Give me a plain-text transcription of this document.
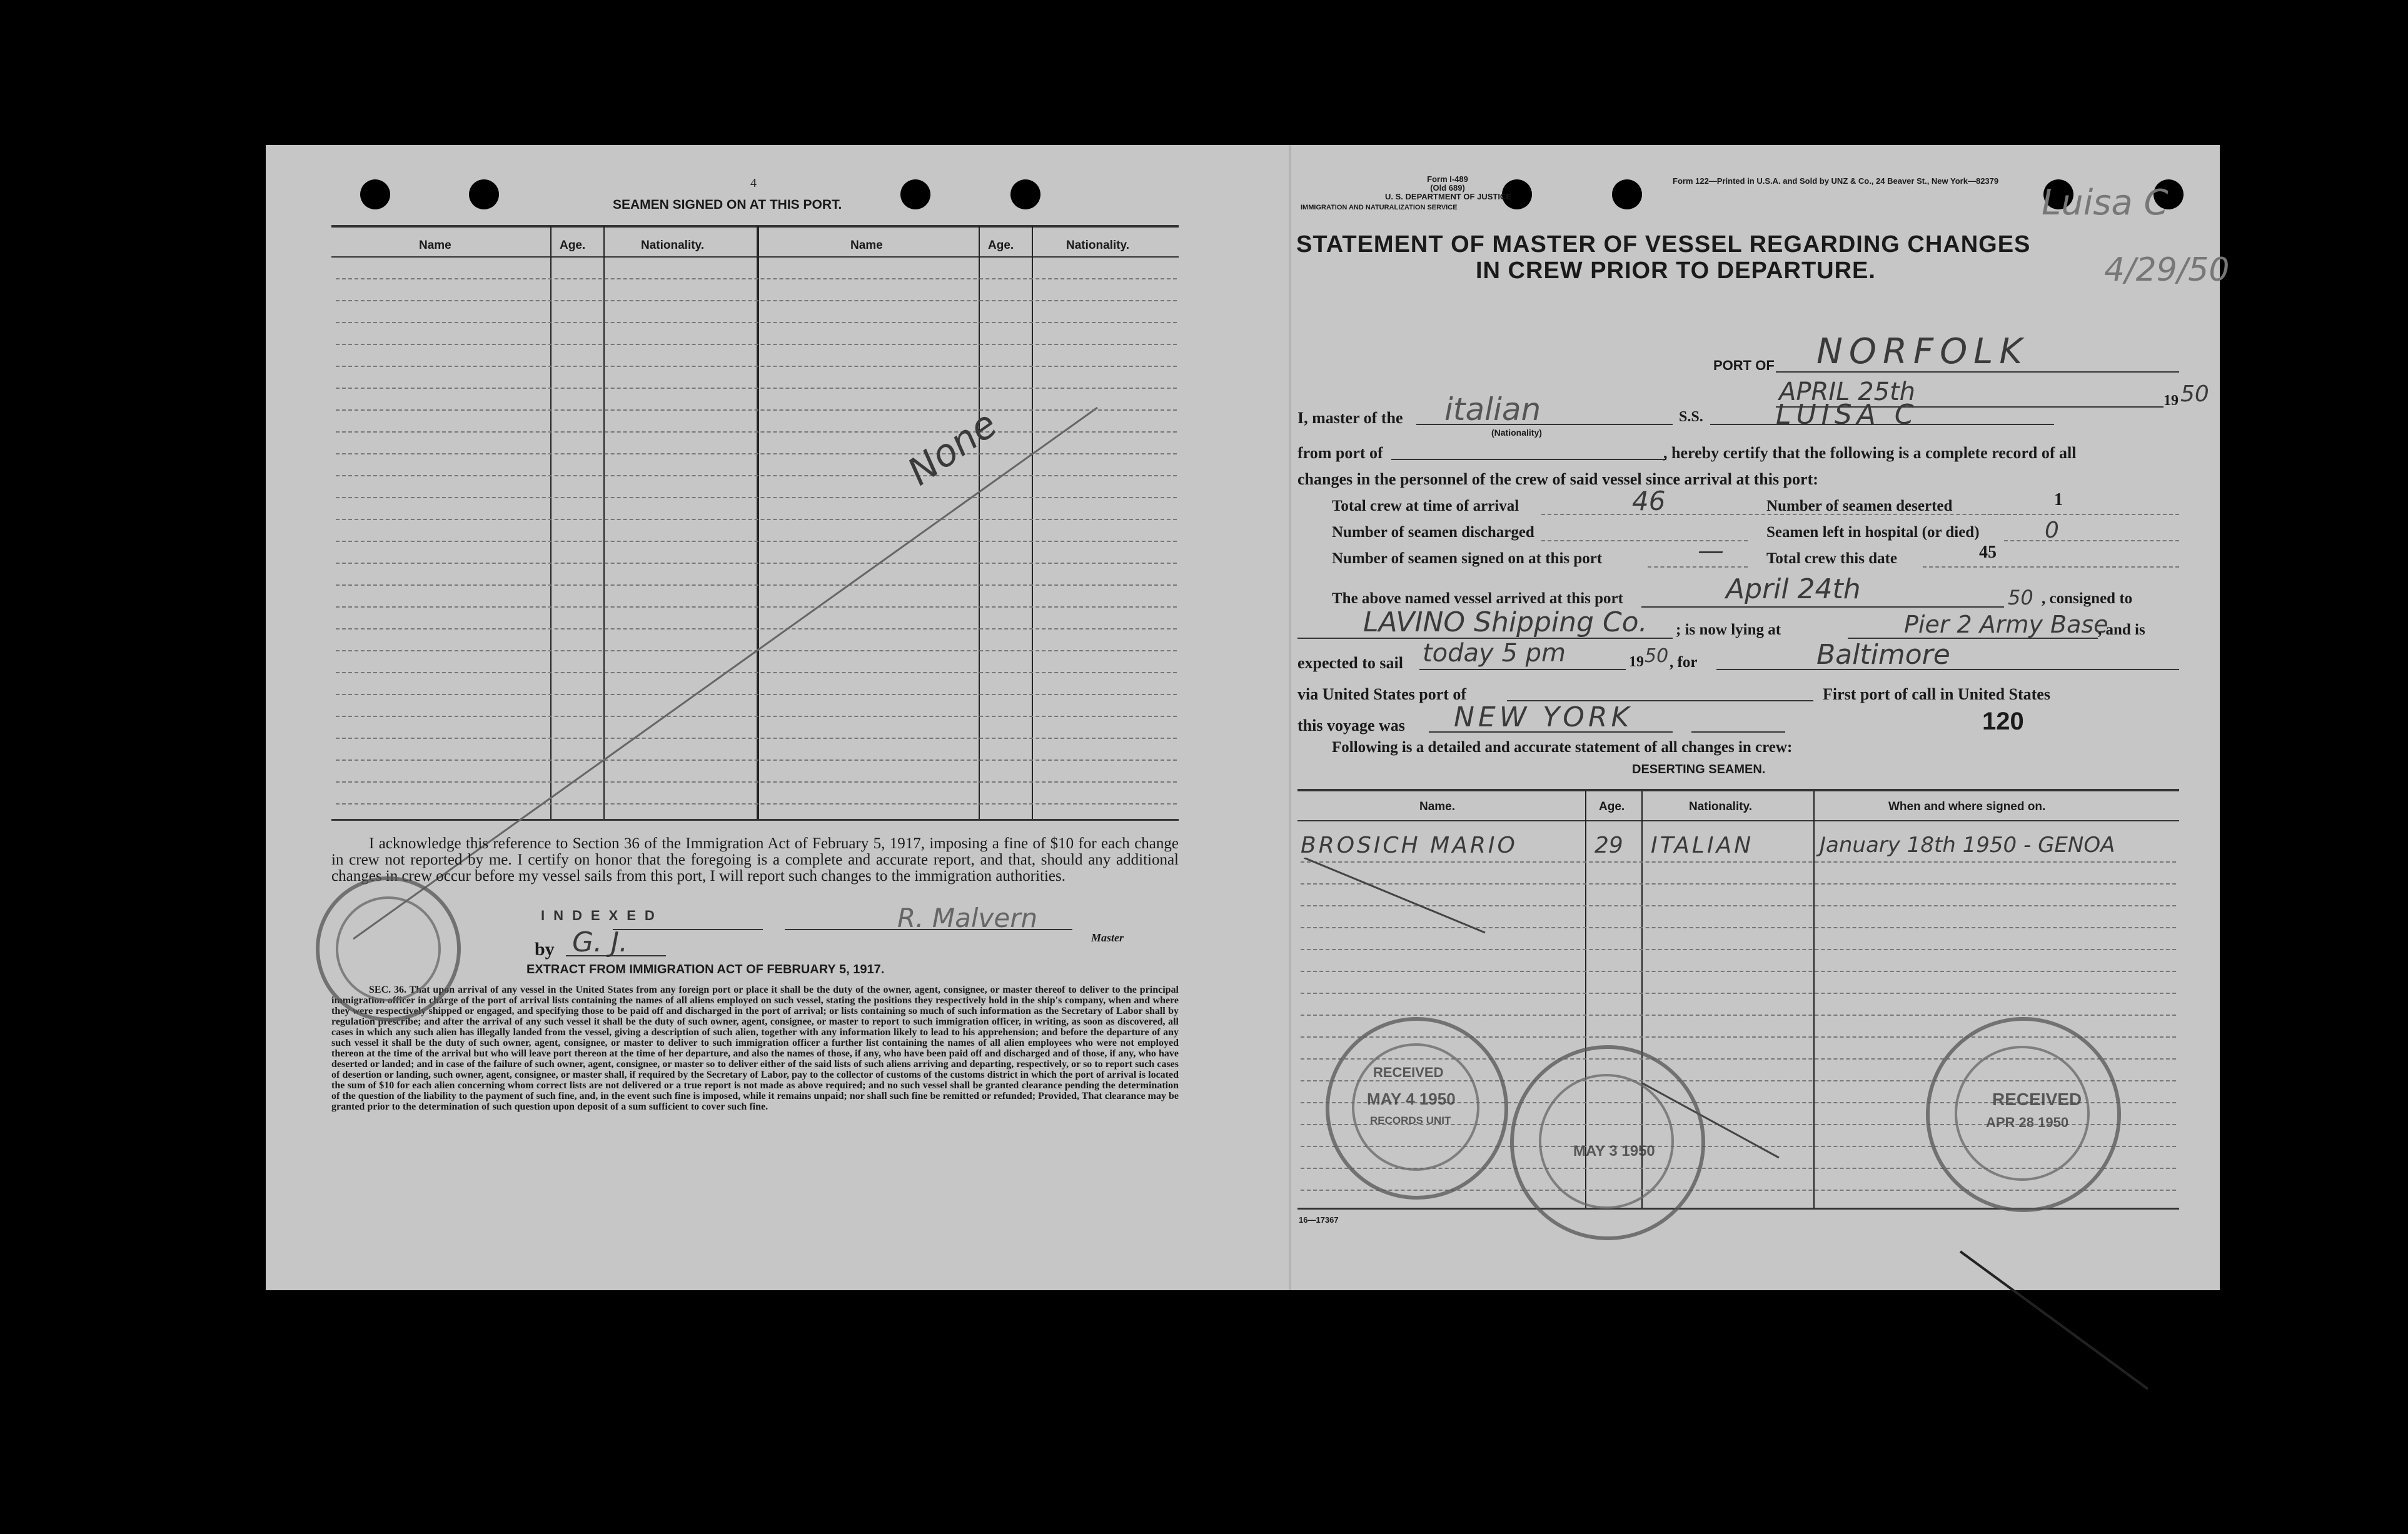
4
SEAMEN SIGNED ON AT THIS PORT.
Name	Age.	Nationality.	Name	Age.	Nationality.
None
I acknowledge this reference to Section 36 of the Immigration Act of February 5, 1917, imposing a fine of $10 for each change in crew not reported by me. I certify on honor that the foregoing is a complete and accurate report, and that, should any additional changes in crew occur before my vessel sails from this port, I will report such changes to the immigration authorities.
INDEXED
by G. J.
R. Malvern
Master
EXTRACT FROM IMMIGRATION ACT OF FEBRUARY 5, 1917.
SEC. 36. That upon arrival of any vessel in the United States from any foreign port or place it shall be the duty of the owner, agent, consignee, or master thereof to deliver to the principal immigration officer in charge of the port of arrival lists containing the names of all aliens employed on such vessel, stating the positions they respectively hold in the ship's company, when and where they were respectively shipped or engaged, and specifying those to be paid off and discharged in the port of arrival; or lists containing so much of such information as the Secretary of Labor shall by regulation prescribe; and after the arrival of any such vessel it shall be the duty of such owner, agent, consignee, or master to report to such immigration officer, in writing, as soon as discovered, all cases in which any such alien has illegally landed from the vessel, giving a description of such alien, together with any information likely to lead to his apprehension; and before the departure of any such vessel it shall be the duty of such owner, agent, consignee, or master to deliver to such immigration officer a further list containing the names of all alien employees who were not employed thereon at the time of the arrival but who will leave port thereon at the time of her departure, and also the names of those, if any, who have been paid off and discharged and of those, if any, who have deserted or landed; and in case of the failure of such owner, agent, consignee, or master so to deliver either of the said lists of such aliens arriving and departing, respectively, or so to report such cases of desertion or landing, such owner, agent, consignee, or master shall, if required by the Secretary of Labor, pay to the collector of customs of the customs district in which the port of arrival is located the sum of $10 for each alien concerning whom correct lists are not delivered or a true report is not made as above required; and no such vessel shall be granted clearance pending the determination of the question of the liability to the payment of such fine, and, in the event such fine is imposed, while it remains unpaid; nor shall such fine be remitted or refunded; Provided, That clearance may be granted prior to the determination of such question upon deposit of a sum sufficient to cover such fine.
Form I-489
(Old 689)
U. S. DEPARTMENT OF JUSTICE
IMMIGRATION AND NATURALIZATION SERVICE
Form 122—Printed in U.S.A. and Sold by UNZ & Co., 24 Beaver St., New York—82379
Luisa C
4/29/50
STATEMENT OF MASTER OF VESSEL REGARDING CHANGES
IN CREW PRIOR TO DEPARTURE.
PORT OF NORFOLK
APRIL 25th	19 50
I, master of the italian
(Nationality)
S.S.	LUISA C
from port of	, hereby certify that the following is a complete record of all
changes in the personnel of the crew of said vessel since arrival at this port:
Total crew at time of arrival	46	Number of seamen deserted	1
Number of seamen discharged	Seamen left in hospital (or died)	0
Number of seamen signed on at this port	—	Total crew this date	45
The above named vessel arrived at this port	April 24th	50 , consigned to
LAVINO Shipping Co. ; is now lying at	Pier 2 Army Base
, and is
expected to sail today 5 pm	19 50 , for	Baltimore
via United States port of	First port of call in United States
this voyage was NEW YORK	120
Following is a detailed and accurate statement of all changes in crew:
DESERTING SEAMEN.
Name.	Age.	Nationality.	When and where signed on.
BROSICH MARIO	29 ITALIAN	January 18th 1950 - GENOA
16—17367
RECEIVED
MAY 4 1950
RECORDS UNIT
MAY 3 1950
RECEIVED
APR 28 1950
